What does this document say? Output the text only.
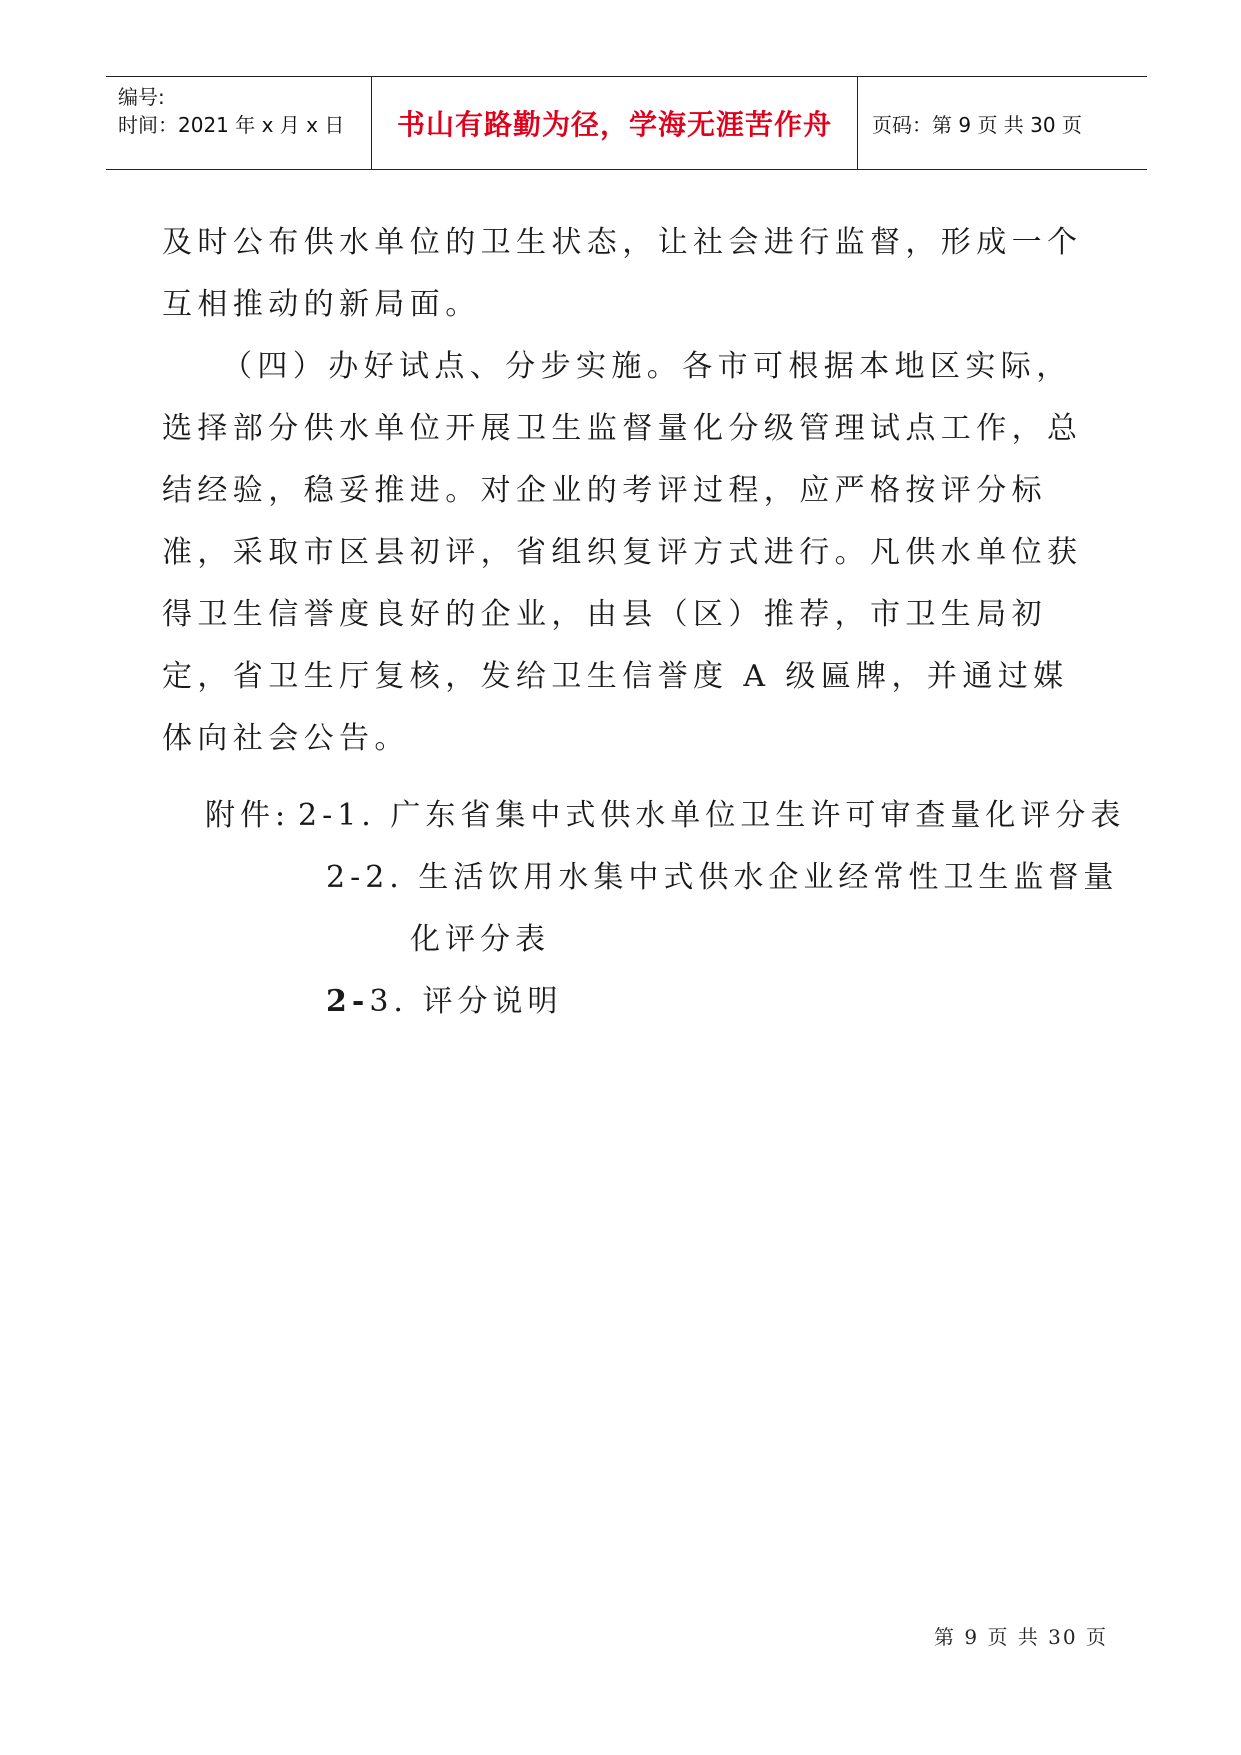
编号:
时间：2021 年 x 月 x 日	书山有路勤为径，学海无涯苦作舟	页码：第 9 页 共 30 页

及时公布供水单位的卫生状态，让社会进行监督，形成一个互相推动的新局面。

（四）办好试点、分步实施。各市可根据本地区实际，选择部分供水单位开展卫生监督量化分级管理试点工作，总结经验，稳妥推进。对企业的考评过程，应严格按评分标准，采取市区县初评，省组织复评方式进行。凡供水单位获得卫生信誉度良好的企业，由县（区）推荐，市卫生局初定，省卫生厅复核，发给卫生信誉度 A 级匾牌，并通过媒体向社会公告。

附件: 2-1. 广东省集中式供水单位卫生许可审查量化评分表
2-2. 生活饮用水集中式供水企业经常性卫生监督量
化评分表
2-3. 评分说明
第 9 页 共 30 页
